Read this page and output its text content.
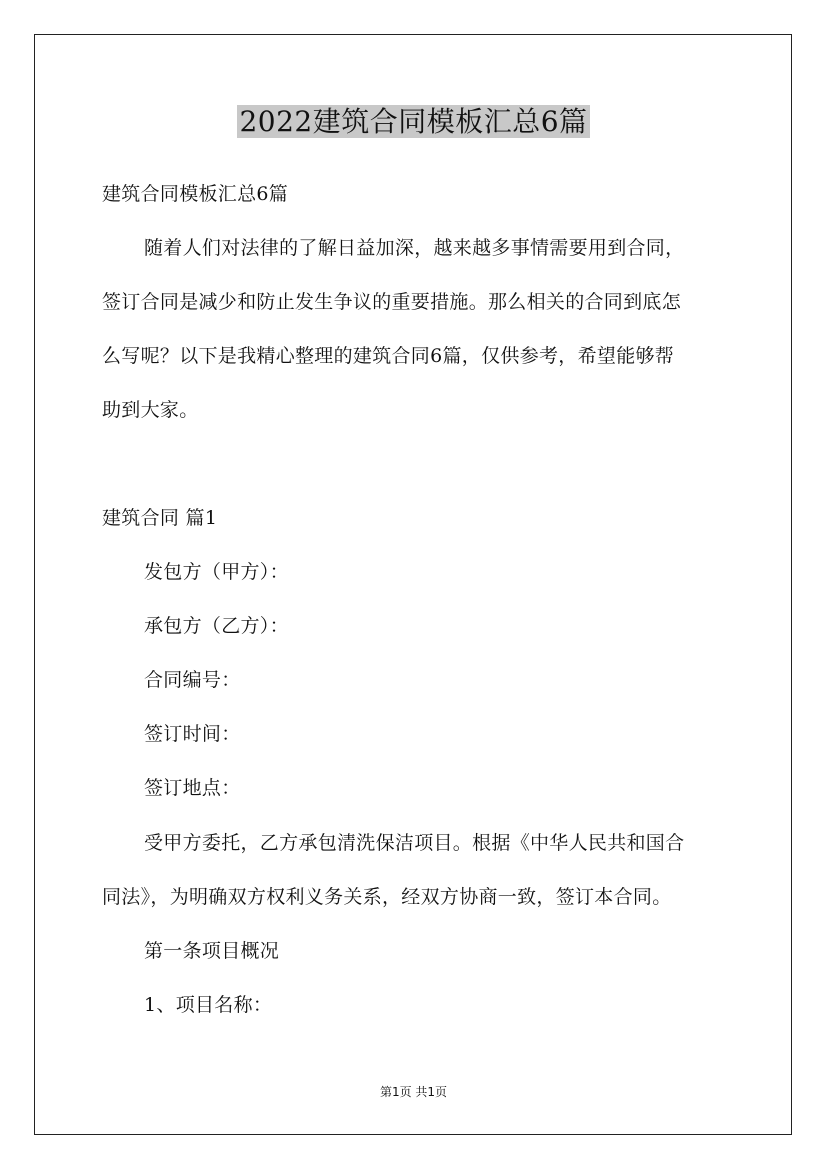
2022建筑合同模板汇总6篇
建筑合同模板汇总6篇
随着人们对法律的了解日益加深，越来越多事情需要用到合同，
签订合同是减少和防止发生争议的重要措施。那么相关的合同到底怎
么写呢？以下是我精心整理的建筑合同6篇，仅供参考，希望能够帮
助到大家。
建筑合同 篇1
发包方（甲方）：
承包方（乙方）：
合同编号：
签订时间：
签订地点：
受甲方委托，乙方承包清洗保洁项目。根据《中华人民共和国合
同法》，为明确双方权利义务关系，经双方协商一致，签订本合同。
第一条项目概况
1、项目名称：
第1页 共1页
